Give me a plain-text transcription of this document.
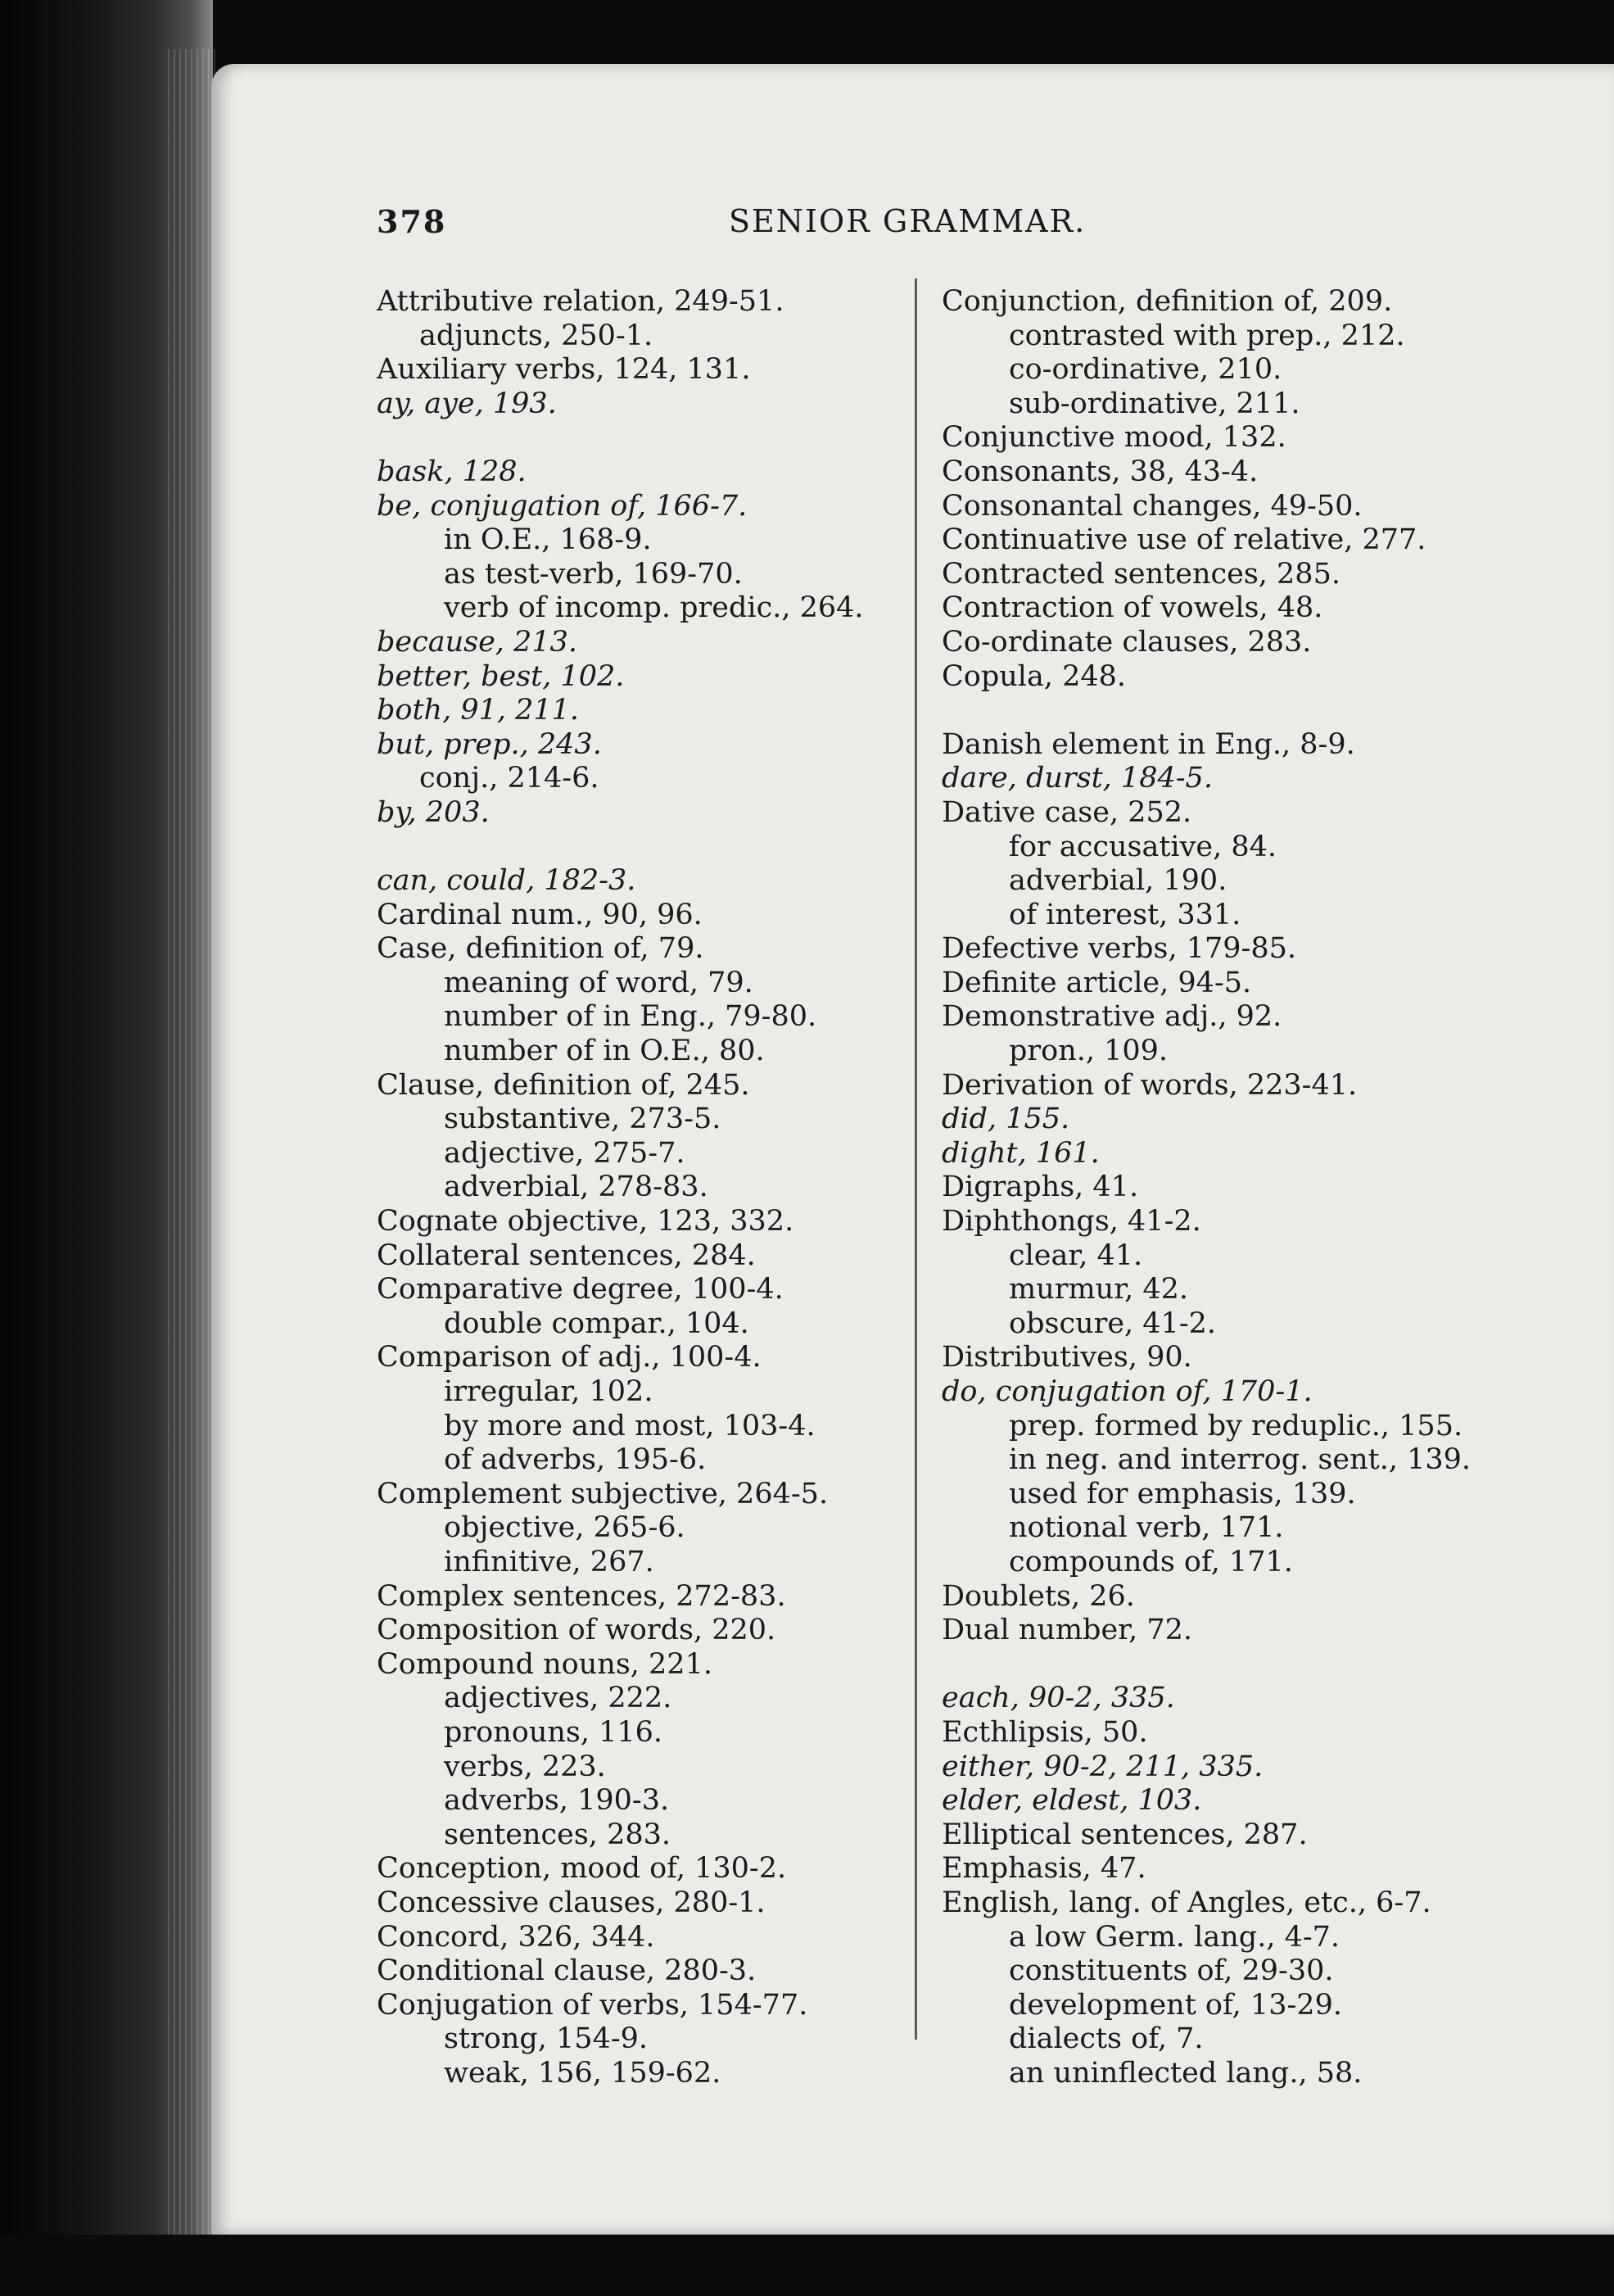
378	SENIOR GRAMMAR.
Attributive relation, 249-51.
adjuncts, 250-1.
Auxiliary verbs, 124, 131.
ay, aye, 193.
bask, 128.
be, conjugation of, 166-7.
in O.E., 168-9.
as test-verb, 169-70.
verb of incomp. predic., 264.
because, 213.
better, best, 102.
both, 91, 211.
but, prep., 243.
conj., 214-6.
by, 203.
can, could, 182-3.
Cardinal num., 90, 96.
Case, definition of, 79.
meaning of word, 79.
number of in Eng., 79-80.
number of in O.E., 80.
Clause, definition of, 245.
substantive, 273-5.
adjective, 275-7.
adverbial, 278-83.
Cognate objective, 123, 332.
Collateral sentences, 284.
Comparative degree, 100-4.
double compar., 104.
Comparison of adj., 100-4.
irregular, 102.
by more and most, 103-4.
of adverbs, 195-6.
Complement subjective, 264-5.
objective, 265-6.
infinitive, 267.
Complex sentences, 272-83.
Composition of words, 220.
Compound nouns, 221.
adjectives, 222.
pronouns, 116.
verbs, 223.
adverbs, 190-3.
sentences, 283.
Conception, mood of, 130-2.
Concessive clauses, 280-1.
Concord, 326, 344.
Conditional clause, 280-3.
Conjugation of verbs, 154-77.
strong, 154-9.
weak, 156, 159-62.
Conjunction, definition of, 209.
contrasted with prep., 212.
co-ordinative, 210.
sub-ordinative, 211.
Conjunctive mood, 132.
Consonants, 38, 43-4.
Consonantal changes, 49-50.
Continuative use of relative, 277.
Contracted sentences, 285.
Contraction of vowels, 48.
Co-ordinate clauses, 283.
Copula, 248.
Danish element in Eng., 8-9.
dare, durst, 184-5.
Dative case, 252.
for accusative, 84.
adverbial, 190.
of interest, 331.
Defective verbs, 179-85.
Definite article, 94-5.
Demonstrative adj., 92.
pron., 109.
Derivation of words, 223-41.
did, 155.
dight, 161.
Digraphs, 41.
Diphthongs, 41-2.
clear, 41.
murmur, 42.
obscure, 41-2.
Distributives, 90.
do, conjugation of, 170-1.
prep. formed by reduplic., 155.
in neg. and interrog. sent., 139.
used for emphasis, 139.
notional verb, 171.
compounds of, 171.
Doublets, 26.
Dual number, 72.
each, 90-2, 335.
Ecthlipsis, 50.
either, 90-2, 211, 335.
elder, eldest, 103.
Elliptical sentences, 287.
Emphasis, 47.
English, lang. of Angles, etc., 6-7.
a low Germ. lang., 4-7.
constituents of, 29-30.
development of, 13-29.
dialects of, 7.
an uninflected lang., 58.
